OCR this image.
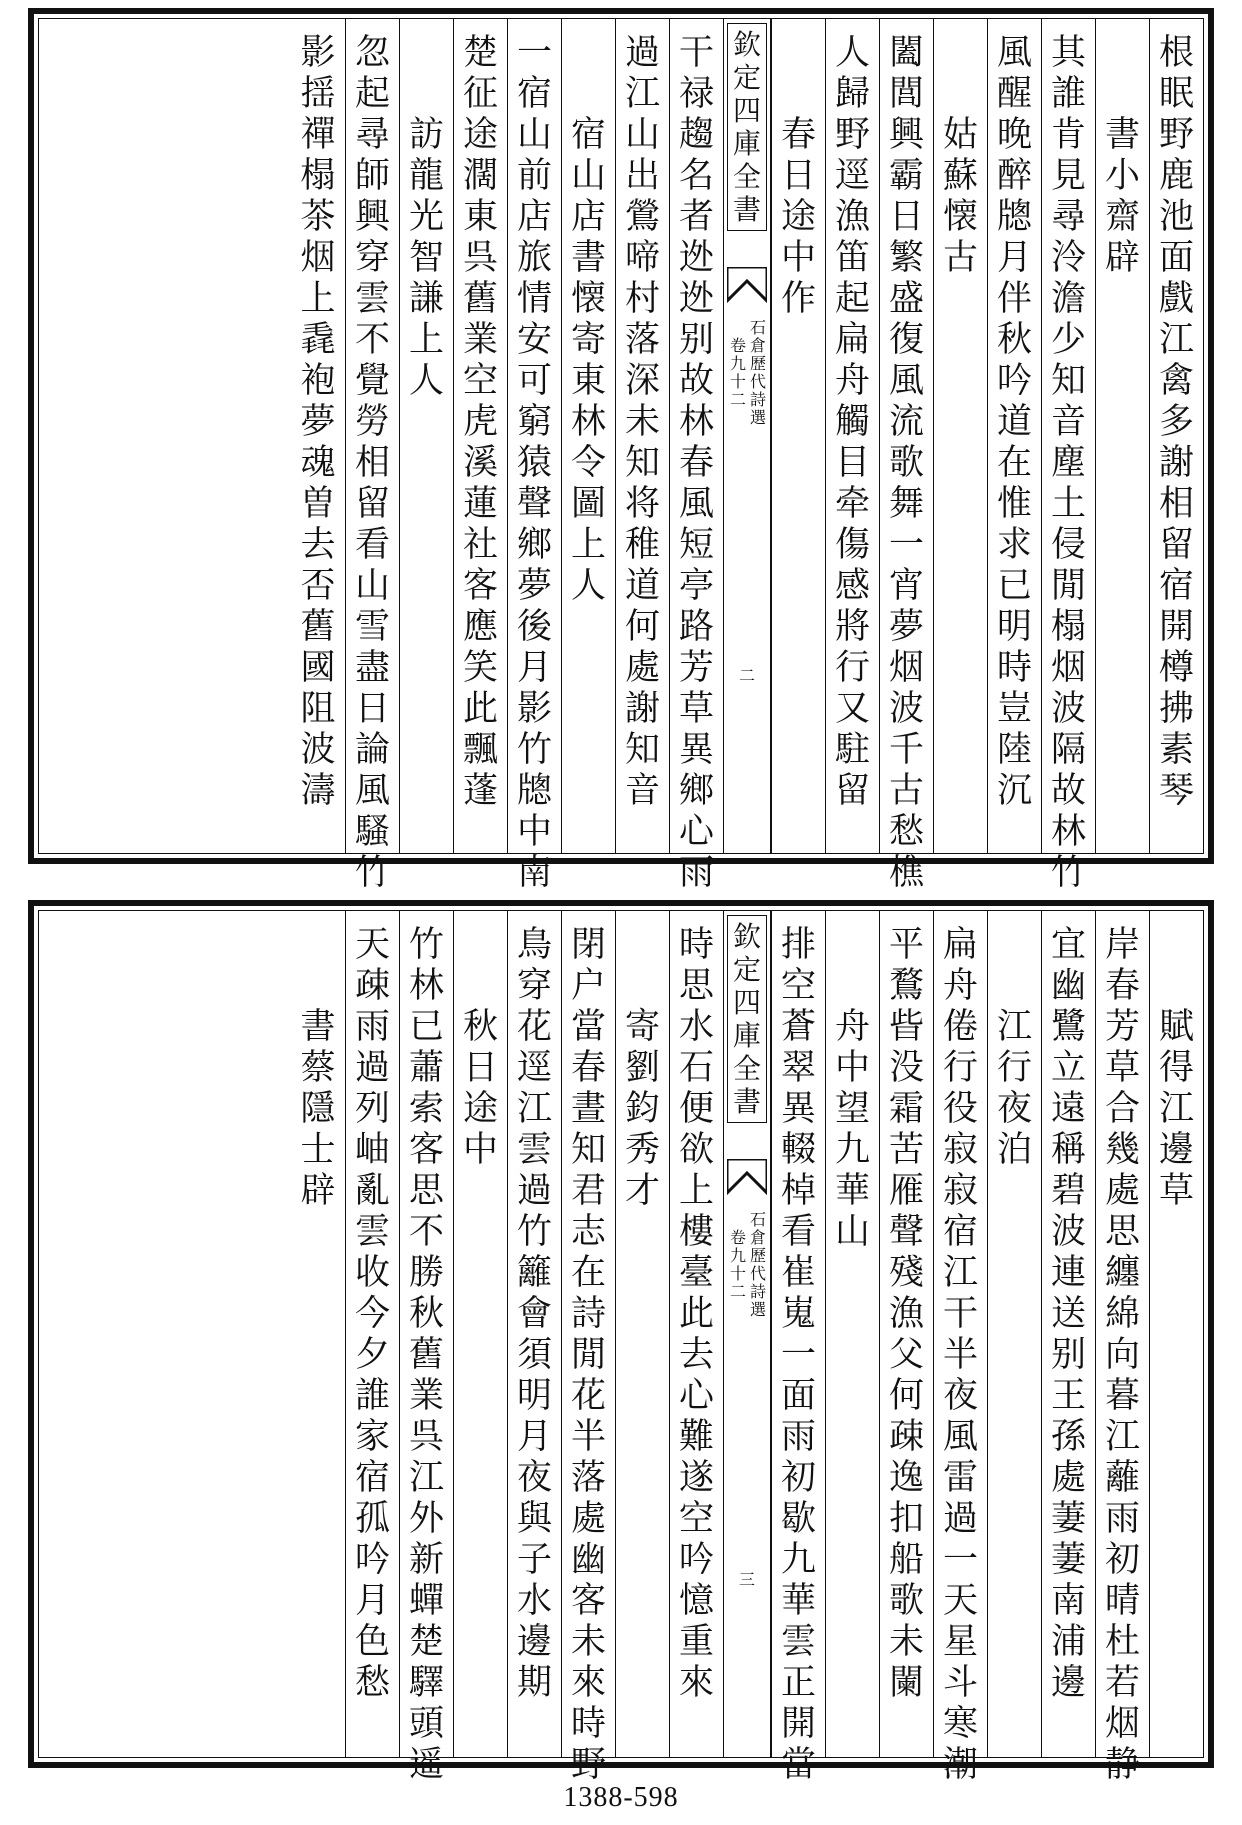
根
眠
野
鹿
池
面
戲
江
禽
多
謝
相
留
宿
開
樽
拂
素
琴
書
小
齋
辟
其
誰
肯
見
尋
泠
澹
少
知
音
塵
土
侵
閒
榻
烟
波
隔
故
林
竹
風
醒
晚
醉
牕
月
伴
秋
吟
道
在
惟
求
已
明
時
豈
陸
沉
姑
蘇
懐
古
闔
閭
興
霸
日
繁
盛
復
風
流
歌
舞
一
宵
夢
烟
波
千
古
愁
樵
人
歸
野
逕
漁
笛
起
扁
舟
觸
目
牵
傷
感
將
行
又
駐
留
春
日
途
中
作
欽
定
四
庫
全
書
石
倉
歷
代
詩
選
卷
九
十
二
二
干
禄
趨
名
者
迯
迯
别
故
林
春
風
短
亭
路
芳
草
異
鄉
心
雨
過
江
山
出
鶯
啼
村
落
深
未
知
将
稚
道
何
處
謝
知
音
宿
山
店
書
懐
寄
東
林
令
圖
上
人
一
宿
山
前
店
旅
情
安
可
窮
猿
聲
鄉
夢
後
月
影
竹
牕
中
南
楚
征
途
濶
東
呉
舊
業
空
虎
溪
蓮
社
客
應
笑
此
飄
蓬
訪
龍
光
智
謙
上
人
忽
起
尋
師
興
穿
雲
不
覺
勞
相
留
看
山
雪
盡
日
論
風
騷
竹
影
揺
禪
榻
茶
烟
上
毳
袍
夢
魂
曽
去
否
舊
國
阻
波
濤
賦
得
江
邊
草
岸
春
芳
草
合
幾
處
思
纏
綿
向
暮
江
蘺
雨
初
晴
杜
若
烟
静
宜
幽
鷺
立
遠
稱
碧
波
連
送
别
王
孫
處
萋
萋
南
浦
邊
江
行
夜
泊
扁
舟
倦
行
役
寂
寂
宿
江
干
半
夜
風
雷
過
一
天
星
斗
寒
潮
平
鶩
㫮
没
霜
苦
雁
聲
殘
漁
父
何
疎
逸
扣
船
歌
未
闌
舟
中
望
九
華
山
排
空
蒼
翠
異
輟
棹
看
崔
嵬
一
面
雨
初
歇
九
華
雲
正
開
當
欽
定
四
庫
全
書
石
倉
歷
代
詩
選
卷
九
十
二
三
時
思
水
石
便
欲
上
樓
臺
此
去
心
難
遂
空
吟
憶
重
來
寄
劉
鈞
秀
才
閉
户
當
春
晝
知
君
志
在
詩
閒
花
半
落
處
幽
客
未
來
時
野
鳥
穿
花
逕
江
雲
過
竹
籬
會
須
明
月
夜
與
子
水
邊
期
秋
日
途
中
竹
林
已
蕭
索
客
思
不
勝
秋
舊
業
呉
江
外
新
蟬
楚
驛
頭
遥
天
疎
雨
過
列
岫
亂
雲
收
今
夕
誰
家
宿
孤
吟
月
色
愁
書
蔡
隱
士
辟
1388-598
